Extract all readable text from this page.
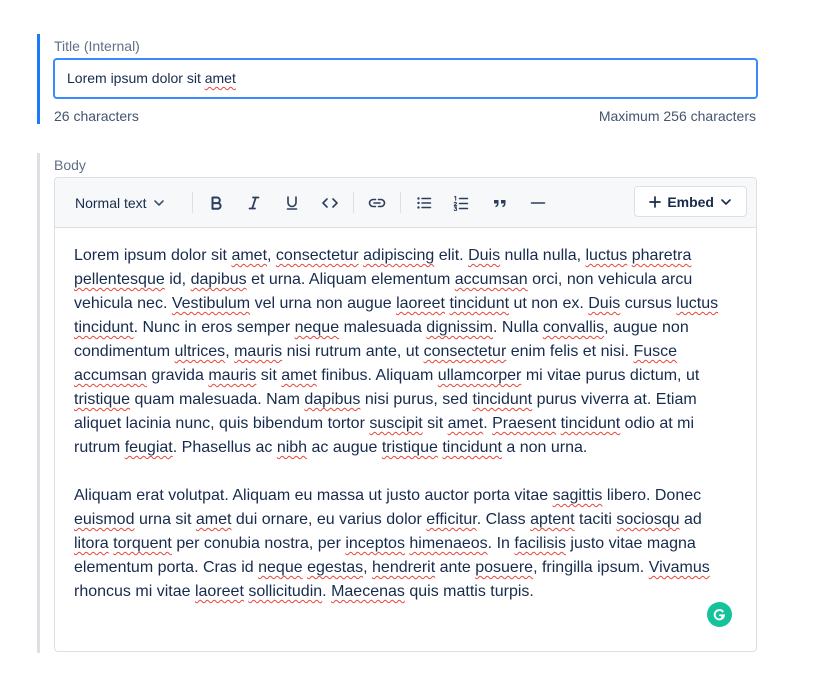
Title (Internal)
Lorem ipsum dolor sit amet
26 characters	Maximum 256 characters
Body
Normal text	Embed

Lorem ipsum dolor sit amet, consectetur adipiscing elit. Duis nulla nulla, luctus pharetra pellentesque id, dapibus et urna. Aliquam elementum accumsan orci, non vehicula arcu vehicula nec. Vestibulum vel urna non augue laoreet tincidunt ut non ex. Duis cursus luctus tincidunt. Nunc in eros semper neque malesuada dignissim. Nulla convallis, augue non condimentum ultrices, mauris nisi rutrum ante, ut consectetur enim felis et nisi. Fusce accumsan gravida mauris sit amet finibus. Aliquam ullamcorper mi vitae purus dictum, ut tristique quam malesuada. Nam dapibus nisi purus, sed tincidunt purus viverra at. Etiam aliquet lacinia nunc, quis bibendum tortor suscipit sit amet. Praesent tincidunt odio at mi rutrum feugiat. Phasellus ac nibh ac augue tristique tincidunt a non urna.

Aliquam erat volutpat. Aliquam eu massa ut justo auctor porta vitae sagittis libero. Donec euismod urna sit amet dui ornare, eu varius dolor efficitur. Class aptent taciti sociosqu ad litora torquent per conubia nostra, per inceptos himenaeos. In facilisis justo vitae magna elementum porta. Cras id neque egestas, hendrerit ante posuere, fringilla ipsum. Vivamus rhoncus mi vitae laoreet sollicitudin. Maecenas quis mattis turpis.
